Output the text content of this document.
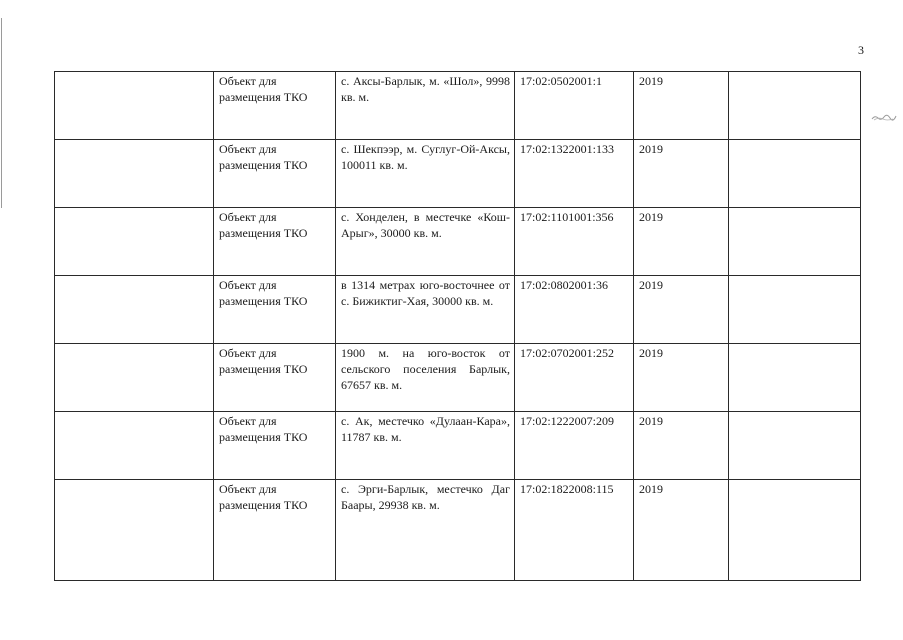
3
	Объект для размещения ТКО	с. Аксы-Барлык, м. «Шол», 9998 кв. м.	17:02:0502001:1	2019	
	Объект для размещения ТКО	с. Шекпээр, м. Суглуг-Ой-Аксы, 100011 кв. м.	17:02:1322001:133	2019	
	Объект для размещения ТКО	с. Хонделен, в местечке «Кош-Арыг», 30000 кв. м.	17:02:1101001:356	2019	
	Объект для размещения ТКО	в 1314 метрах юго-восточнее от с. Бижиктиг-Хая, 30000 кв. м.	17:02:0802001:36	2019	
	Объект для размещения ТКО	1900 м. на юго-восток от сельского поселения Барлык, 67657 кв. м.	17:02:0702001:252	2019	
	Объект для размещения ТКО	с. Ак, местечко «Дулаан-Кара», 11787 кв. м.	17:02:1222007:209	2019	
	Объект для размещения ТКО	с. Эрги-Барлык, местечко Даг Баары, 29938 кв. м.	17:02:1822008:115	2019	
